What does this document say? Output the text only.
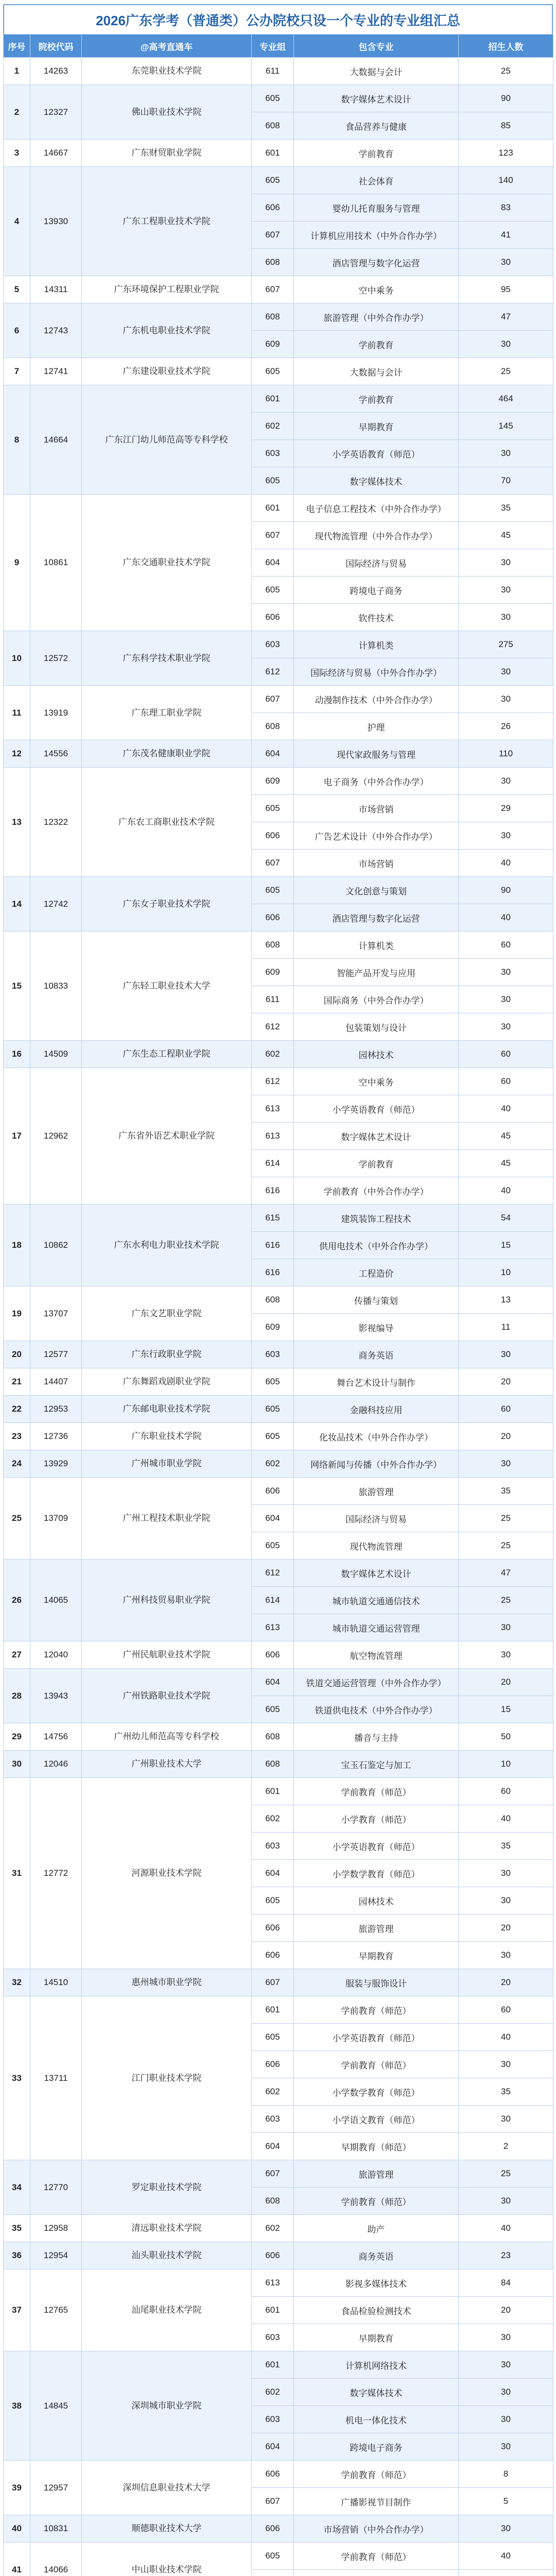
2026广东学考（普通类）公办院校只设一个专业的专业组汇总
序号	院校代码	@高考直通车	专业组	包含专业	招生人数
1	14263	东莞职业技术学院	611	大数据与会计	25
2	12327	佛山职业技术学院	605	数字媒体艺术设计	90
			608	食品营养与健康	85
3	14667	广东财贸职业学院	601	学前教育	123
4	13930	广东工程职业技术学院	605	社会体育	140
			606	婴幼儿托育服务与管理	83
			607	计算机应用技术（中外合作办学）	41
			608	酒店管理与数字化运营	30
5	14311	广东环境保护工程职业学院	607	空中乘务	95
6	12743	广东机电职业技术学院	608	旅游管理（中外合作办学）	47
			609	学前教育	30
7	12741	广东建设职业技术学院	605	大数据与会计	25
8	14664	广东江门幼儿师范高等专科学校	601	学前教育	464
			602	早期教育	145
			603	小学英语教育（师范）	30
			605	数字媒体技术	70
9	10861	广东交通职业技术学院	601	电子信息工程技术（中外合作办学）	35
			607	现代物流管理（中外合作办学）	45
			604	国际经济与贸易	30
			605	跨境电子商务	30
			606	软件技术	30
10	12572	广东科学技术职业学院	603	计算机类	275
			612	国际经济与贸易（中外合作办学）	30
11	13919	广东理工职业学院	607	动漫制作技术（中外合作办学）	30
			608	护理	26
12	14556	广东茂名健康职业学院	604	现代家政服务与管理	110
13	12322	广东农工商职业技术学院	609	电子商务（中外合作办学）	30
			605	市场营销	29
			606	广告艺术设计（中外合作办学）	30
			607	市场营销	40
14	12742	广东女子职业技术学院	605	文化创意与策划	90
			606	酒店管理与数字化运营	40
15	10833	广东轻工职业技术大学	608	计算机类	60
			609	智能产品开发与应用	30
			611	国际商务（中外合作办学）	30
			612	包装策划与设计	30
16	14509	广东生态工程职业学院	602	园林技术	60
17	12962	广东省外语艺术职业学院	612	空中乘务	60
			613	小学英语教育（师范）	40
			613	数字媒体艺术设计	45
			614	学前教育	45
			616	学前教育（中外合作办学）	40
18	10862	广东水利电力职业技术学院	615	建筑装饰工程技术	54
			616	供用电技术（中外合作办学）	15
			616	工程造价	10
19	13707	广东文艺职业学院	608	传播与策划	13
			609	影视编导	11
20	12577	广东行政职业学院	603	商务英语	30
21	14407	广东舞蹈戏剧职业学院	605	舞台艺术设计与制作	20
22	12953	广东邮电职业技术学院	605	金融科技应用	60
23	12736	广东职业技术学院	605	化妆品技术（中外合作办学）	20
24	13929	广州城市职业学院	602	网络新闻与传播（中外合作办学）	30
25	13709	广州工程技术职业学院	606	旅游管理	35
			604	国际经济与贸易	25
			605	现代物流管理	25
26	14065	广州科技贸易职业学院	612	数字媒体艺术设计	47
			614	城市轨道交通通信技术	25
			613	城市轨道交通运营管理	30
27	12040	广州民航职业技术学院	606	航空物流管理	30
28	13943	广州铁路职业技术学院	604	铁道交通运营管理（中外合作办学）	20
			605	铁道供电技术（中外合作办学）	15
29	14756	广州幼儿师范高等专科学校	608	播音与主持	50
30	12046	广州职业技术大学	608	宝玉石鉴定与加工	10
31	12772	河源职业技术学院	601	学前教育（师范）	60
			602	小学教育（师范）	40
			603	小学英语教育（师范）	35
			604	小学数学教育（师范）	30
			605	园林技术	30
			606	旅游管理	20
			606	早期教育	30
32	14510	惠州城市职业学院	607	服装与服饰设计	20
33	13711	江门职业技术学院	601	学前教育（师范）	60
			605	小学英语教育（师范）	40
			606	学前教育（师范）	30
			602	小学数学教育（师范）	35
			603	小学语文教育（师范）	30
			604	早期教育（师范）	2
34	12770	罗定职业技术学院	607	旅游管理	25
			608	学前教育（师范）	30
35	12958	清远职业技术学院	602	助产	40
36	12954	汕头职业技术学院	606	商务英语	23
37	12765	汕尾职业技术学院	613	影视多媒体技术	84
			601	食品检验检测技术	20
			603	早期教育	30
38	14845	深圳城市职业学院	601	计算机网络技术	30
			602	数字媒体技术	30
			603	机电一体化技术	30
			604	跨境电子商务	30
39	12957	深圳信息职业技术大学	606	学前教育（师范）	8
			607	广播影视节目制作	5
40	10831	顺德职业技术大学	606	市场营销（中外合作办学）	30
41	14066	中山职业技术学院	605	学前教育（师范）	40
